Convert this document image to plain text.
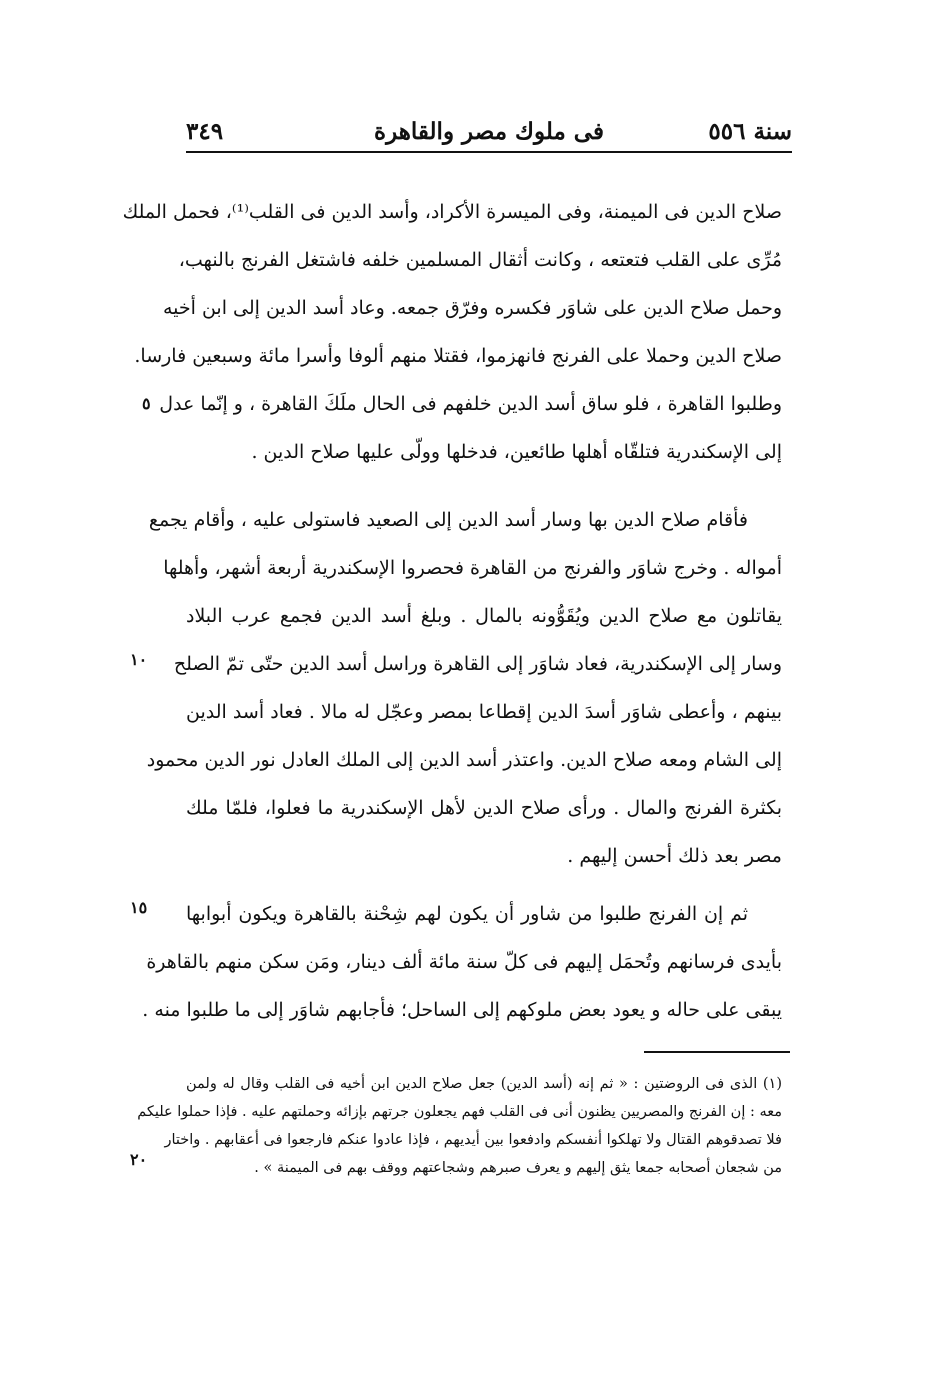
٣٤٩	فى ملوك مصر والقاهرة	سنة ٥٥٦
صلاح الدين فى الميمنة، وفى الميسرة الأكراد، وأسد الدين فى القلب⁽¹⁾، فحمل الملك
مُرِّى على القلب فتعتعه ، وكانت أثقال المسلمين خلفه فاشتغل الفرنج بالنهب،
وحمل صلاح الدين على شاوَر فكسره وفرّق جمعه. وعاد أسد الدين إلى ابن أخيه
صلاح الدين وحملا على الفرنج فانهزموا، فقتلا منهم ألوفا وأسرا مائة وسبعين فارسا.
وطلبوا القاهرة ، فلو ساق أسد الدين خلفهم فى الحال ملَكَ القاهرة ، و إنّما عدل
إلى الإسكندرية فتلقّاه أهلها طائعين، فدخلها وولّى عليها صلاح الدين .
فأقام صلاح الدين بها وسار أسد الدين إلى الصعيد فاستولى عليه ، وأقام يجمع
أمواله . وخرج شاوَر والفرنج من القاهرة فحصروا الإسكندرية أربعة أشهر، وأهلها
يقاتلون مع صلاح الدين ويُقَوُّونه بالمال . وبلغ أسد الدين فجمع عرب البلاد
وسار إلى الإسكندرية، فعاد شاوَر إلى القاهرة وراسل أسد الدين حتّى تمّ الصلح
بينهم ، وأعطى شاوَر أسدَ الدين إقطاعا بمصر وعجّل له مالا . فعاد أسد الدين
إلى الشام ومعه صلاح الدين. واعتذر أسد الدين إلى الملك العادل نور الدين محمود
بكثرة الفرنج والمال . ورأى صلاح الدين لأهل الإسكندرية ما فعلوا، فلمّا ملك
مصر بعد ذلك أحسن إليهم .
ثم إن الفرنج طلبوا من شاور أن يكون لهم شِحْنة بالقاهرة ويكون أبوابها
بأيدى فرسانهم وتُحمَل إليهم فى كلّ سنة مائة ألف دينار، ومَن سكن منهم بالقاهرة
يبقى على حاله و يعود بعض ملوكهم إلى الساحل؛ فأجابهم شاوَر إلى ما طلبوا منه .
٥
١٠
١٥
٢٠
(١) الذى فى الروضتين : « ثم إنه (أسد الدين) جعل صلاح الدين ابن أخيه فى القلب وقال له ولمن
معه : إن الفرنج والمصريين يظنون أنى فى القلب فهم يجعلون جرتهم بإزائه وحملتهم عليه . فإذا حملوا عليكم
فلا تصدقوهم القتال ولا تهلكوا أنفسكم وادفعوا بين أيديهم ، فإذا عادوا عنكم فارجعوا فى أعقابهم . واختار
من شجعان أصحابه جمعا يثق إليهم و يعرف صبرهم وشجاعتهم ووقف بهم فى الميمنة » .
